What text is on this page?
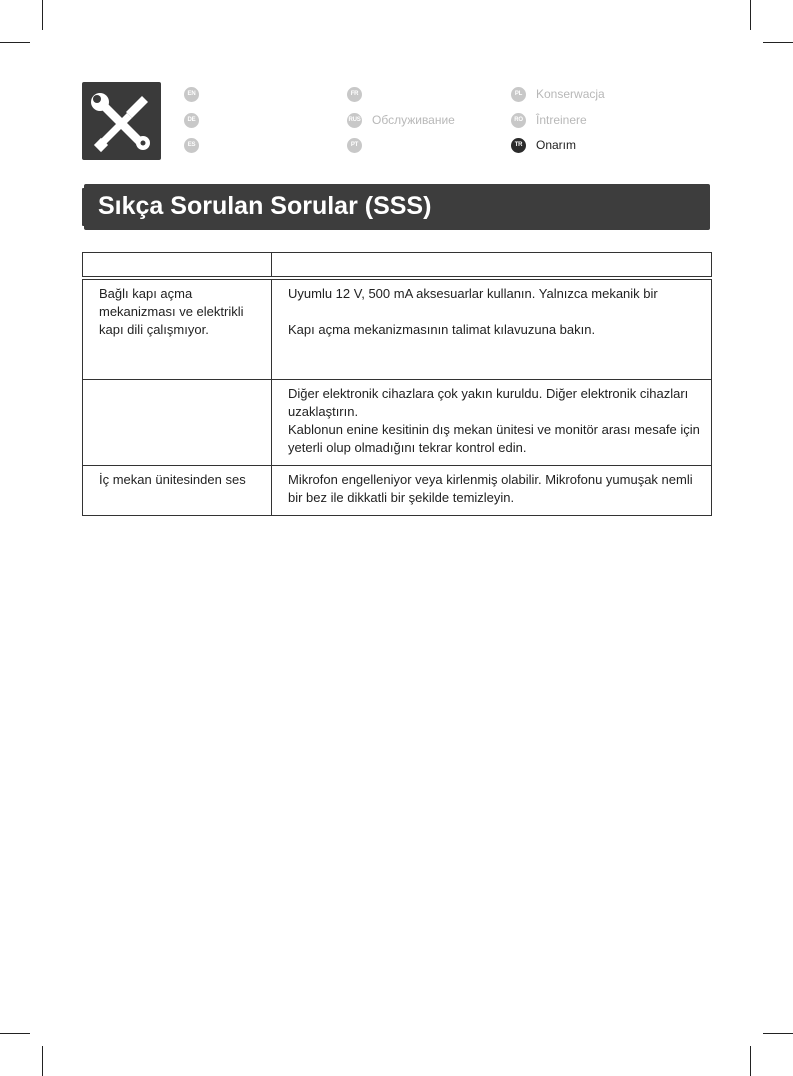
EN
DE
ES
FR
RUS Обслуживание
PT
PL	Konserwacja
RO Întreinere
TR	Onarım
Sıkça Sorulan Sorular (SSS)

Bağlı kapı açma mekanizması ve elektrikli kapı dili çalışmıyor.	Uyumlu 12 V, 500 mA aksesuarlar kullanın. Yalnızca mekanik bir
Kapı açma mekanizmasının talimat kılavuzuna bakın.

	Diğer elektronik cihazlara çok yakın kuruldu. Diğer elektronik cihazları uzaklaştırın.
Kablonun enine kesitinin dış mekan ünitesi ve monitör arası mesafe için yeterli olup olmadığını tekrar kontrol edin.

İç mekan ünitesinden ses	Mikrofon engelleniyor veya kirlenmiş olabilir. Mikrofonu yumuşak nemli bir bez ile dikkatli bir şekilde temizleyin.
